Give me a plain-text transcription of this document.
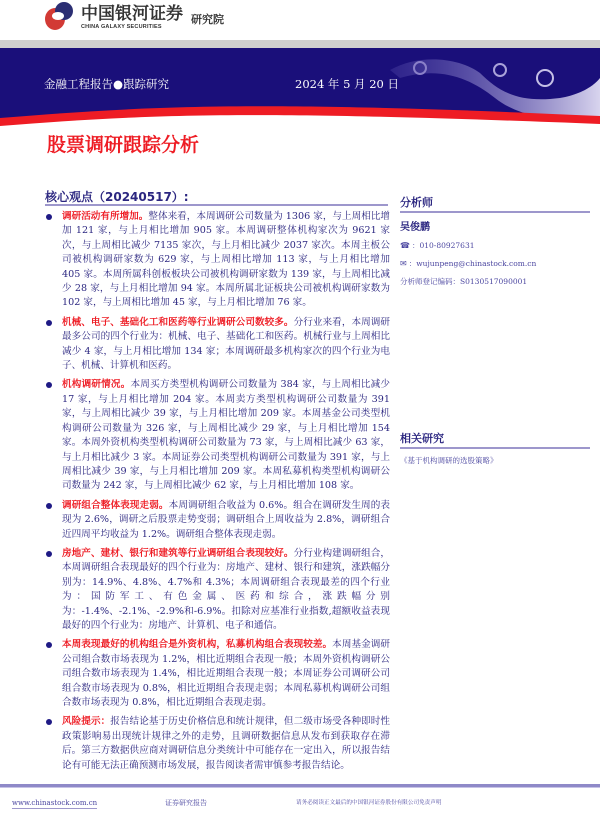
中国银河证券
CHINA GALAXY SECURITIES
研究院
金融工程报告●跟踪研究	2024 年 5 月 20 日
股票调研跟踪分析
核心观点（20240517）:
调研活动有所增加。整体来看，本周调研公司数量为 1306 家，与上周相比增加 121 家，与上月相比增加 905 家。本周调研整体机构家次为 9621 家次，与上周相比减少 7135 家次，与上月相比减少 2037 家次。本周主板公司被机构调研家数为 629 家，与上周相比增加 113 家，与上月相比增加 405 家。本周所属科创板板块公司被机构调研家数为 139 家，与上周相比减少 28 家，与上月相比增加 94 家。本周所属北证板块公司被机构调研家数为 102 家，与上周相比增加 45 家，与上月相比增加 76 家。
机械、电子、基础化工和医药等行业调研公司数较多。分行业来看，本周调研最多公司的四个行业为：机械、电子、基础化工和医药。机械行业与上周相比减少 4 家，与上月相比增加 134 家；本周调研最多机构家次的四个行业为电子、机械、计算机和医药。
机构调研情况。本周买方类型机构调研公司数量为 384 家，与上周相比减少 17 家，与上月相比增加 204 家。本周卖方类型机构调研公司数量为 391 家，与上周相比减少 39 家，与上月相比增加 209 家。本周基金公司类型机构调研公司数量为 326 家，与上周相比减少 29 家，与上月相比增加 154 家。本周外资机构类型机构调研公司数量为 73 家，与上周相比减少 63 家，与上月相比减少 3 家。本周证券公司类型机构调研公司数量为 391 家，与上周相比减少 39 家，与上月相比增加 209 家。本周私募机构类型机构调研公司数量为 242 家，与上周相比减少 62 家，与上月相比增加 108 家。
调研组合整体表现走弱。本周调研组合收益为 0.6%。组合在调研发生周的表现为 2.6%，调研之后股票走势变弱；调研组合上周收益为 2.8%，调研组合近四周平均收益为 1.2%。调研组合整体表现走弱。
房地产、建材、银行和建筑等行业调研组合表现较好。分行业构建调研组合，本周调研组合表现最好的四个行业为：房地产、建材、银行和建筑，涨跌幅分别为：14.9%、4.8%、4.7%和 4.3%；本周调研组合表现最差的四个行业为：国防军工、有色金属、医药和综合，涨跌幅分别为：-1.4%、-2.1%、-2.9%和-6.9%。扣除对应基准行业指数,超额收益表现最好的四个行业为：房地产、计算机、电子和通信。
本周表现最好的机构组合是外资机构，私募机构组合表现较差。本周基金调研公司组合数市场表现为 1.2%，相比近期组合表现一般；本周外资机构调研公司组合数市场表现为 1.4%，相比近期组合表现一般；本周证券公司调研公司组合数市场表现为 0.8%，相比近期组合表现走弱；本周私募机构调研公司组合数市场表现为 0.8%，相比近期组合表现走弱。
风险提示：报告结论基于历史价格信息和统计规律，但二级市场受各种即时性政策影响易出现统计规律之外的走势，且调研数据信息从发布到获取存在滞后。第三方数据供应商对调研信息分类统计中可能存在一定出入，所以报告结论有可能无法正确预测市场发展，报告阅读者需审慎参考报告结论。
分析师
吴俊鹏
☎ ：010-80927631
✉ ：wujunpeng@chinastock.com.cn
分析师登记编码：S0130517090001
相关研究
《基于机构调研的选股策略》
www.chinastock.com.cn	证券研究报告	请务必阅读正文最后的中国银河证券股份有限公司免责声明
